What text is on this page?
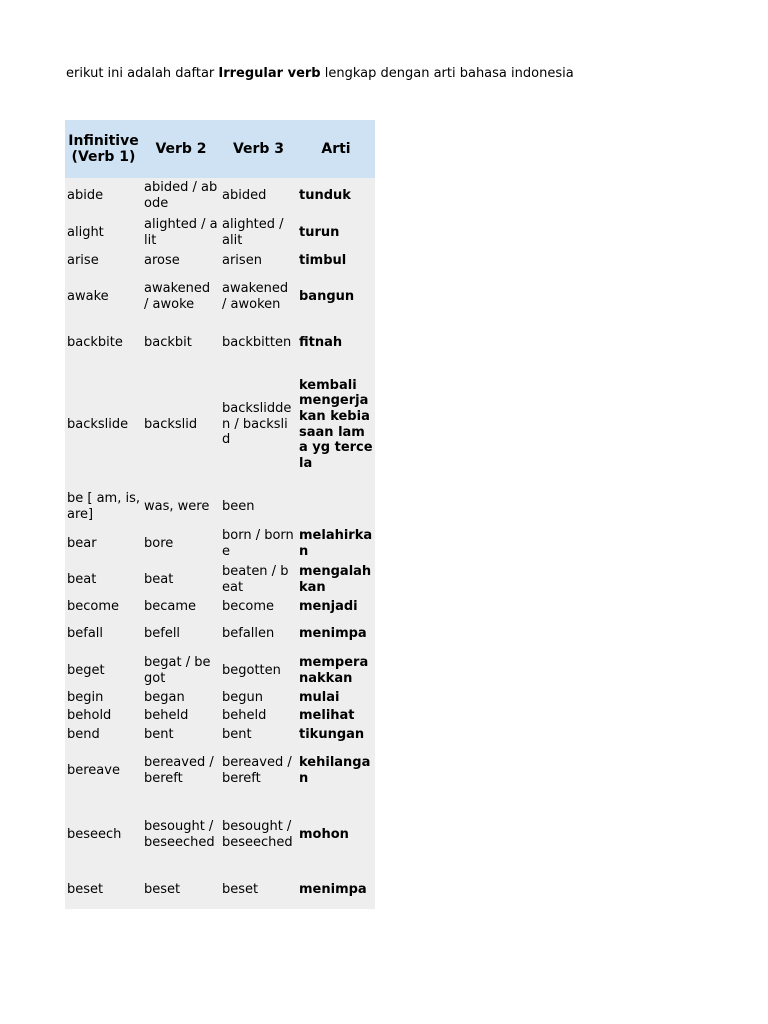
erikut ini adalah daftar Irregular verb lengkap dengan arti bahasa indonesia

Infinitive (Verb 1)	Verb 2	Verb 3	Arti
abide	abided / abode	abided	tunduk
alight	alighted / alit	alighted / alit	turun
arise	arose	arisen	timbul
awake	awakened / awoke	awakened / awoken	bangun
backbite	backbit	backbitten	fitnah
backslide	backslid	backslidden / backslid	kembali mengerjakan kebiasaan lama yg tercela
be [ am, is, are]	was, were	been	
bear	bore	born / borne	melahirkan
beat	beat	beaten / beat	mengalahkan
become	became	become	menjadi
befall	befell	befallen	menimpa
beget	begat / begot	begotten	memperanakkan
begin	began	begun	mulai
behold	beheld	beheld	melihat
bend	bent	bent	tikungan
bereave	bereaved / bereft	bereaved / bereft	kehilangan
beseech	besought / beseeched	besought / beseeched	mohon
beset	beset	beset	menimpa
